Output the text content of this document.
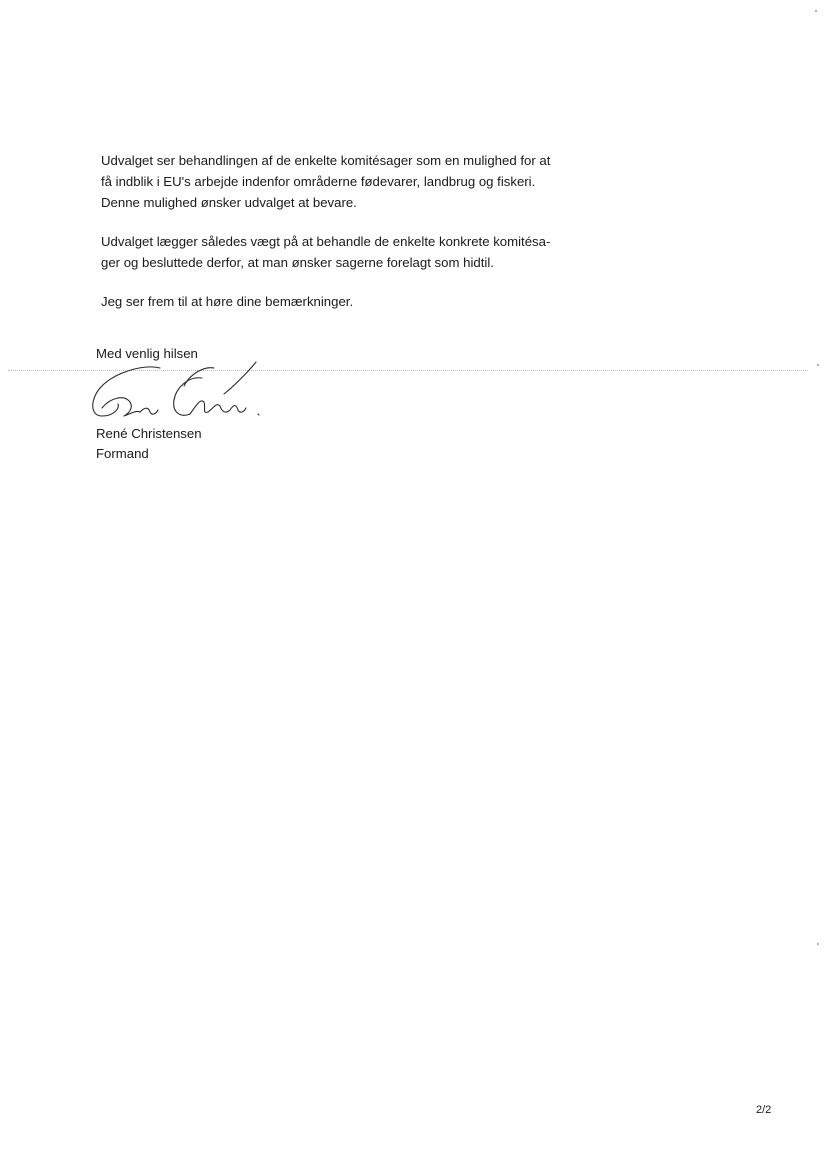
Udvalget ser behandlingen af de enkelte komitésager som en mulighed for at
få indblik i EU's arbejde indenfor områderne fødevarer, landbrug og fiskeri.
Denne mulighed ønsker udvalget at bevare.

Udvalget lægger således vægt på at behandle de enkelte konkrete komitésa-
ger og besluttede derfor, at man ønsker sagerne forelagt som hidtil.

Jeg ser frem til at høre dine bemærkninger.

Med venlig hilsen
René Christensen
Formand
2/2
